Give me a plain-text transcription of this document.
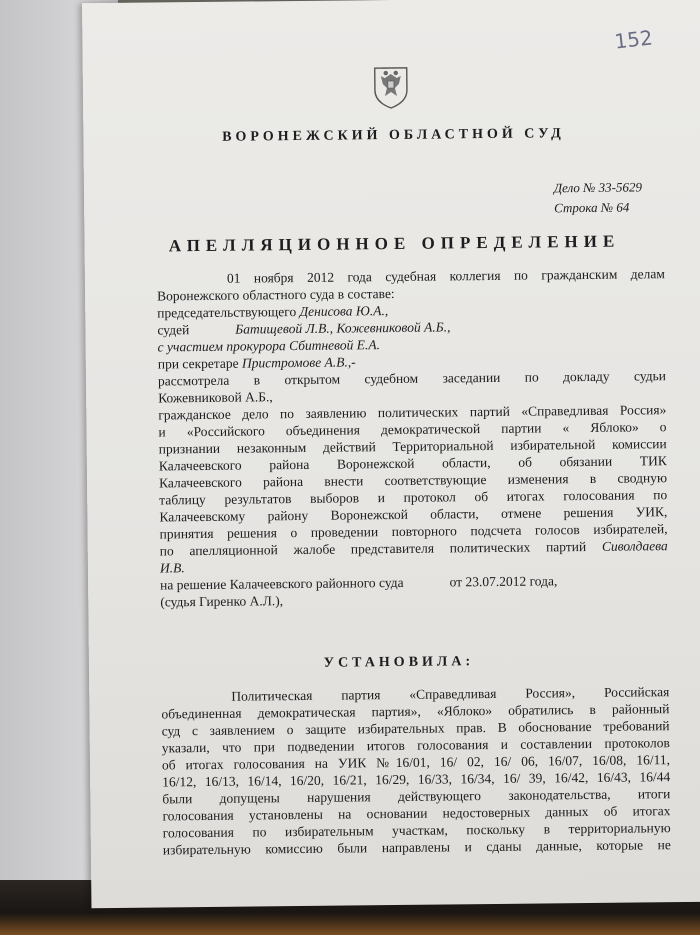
152
ВОРОНЕЖСКИЙ ОБЛАСТНОЙ СУД
Дело № 33-5629
Строка № 64
АПЕЛЛЯЦИОННОЕ ОПРЕДЕЛЕНИЕ

01 ноября 2012 года судебная коллегия по гражданским делам

Воронежского областного суда в составе:

председательствующего Денисова Ю.А.,

судей	Батищевой Л.В., Кожевниковой А.Б.,

с участием прокурора Сбитневой Е.А.

при секретаре Пристромове А.В.,-

рассмотрела в открытом судебном заседании по докладу судьи

Кожевниковой А.Б.,

гражданское дело по заявлению политических партий «Справедливая Россия»

и «Российского объединения демократической партии « Яблоко» о

признании незаконным действий Территориальной избирательной комиссии

Калачеевского района Воронежской области, об обязании ТИК

Калачеевского района внести соответствующие изменения в сводную

таблицу результатов выборов и протокол об итогах голосования по

Калачеевскому району Воронежской области, отмене решения УИК,

принятия решения о проведении повторного подсчета голосов избирателей,

по апелляционной жалобе представителя политических партий Сиволдаева

И.В.

на решение Калачеевского районного суда	от 23.07.2012 года,

(судья Гиренко А.Л.),

УСТАНОВИЛА:

Политическая партия «Справедливая Россия», Российская

объединенная демократическая партия», «Яблоко» обратились в районный

суд с заявлением о защите избирательных прав. В обоснование требований

указали, что при подведении итогов голосования и составлении протоколов

об итогах голосования на УИК №16/01, 16/ 02, 16/ 06, 16/07, 16/08, 16/11,

16/12, 16/13, 16/14, 16/20, 16/21, 16/29, 16/33, 16/34, 16/ 39, 16/42, 16/43, 16/44

были допущены нарушения действующего законодательства, итоги

голосования установлены на основании недостоверных данных об итогах

голосования по избирательным участкам, поскольку в территориальную

избирательную комиссию были направлены и сданы данные, которые не
